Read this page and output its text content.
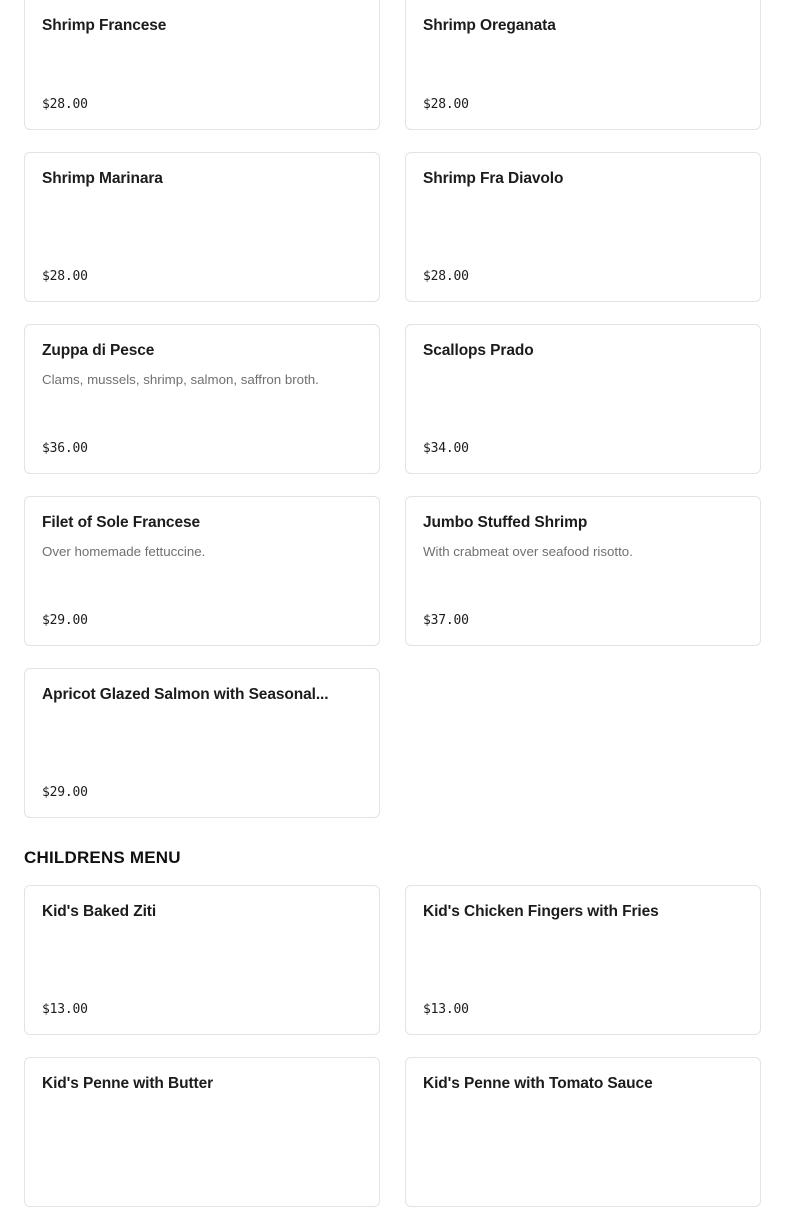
Shrimp Francese
$28.00
Shrimp Oreganata
$28.00
Shrimp Marinara
$28.00
Shrimp Fra Diavolo
$28.00
Zuppa di Pesce
Clams, mussels, shrimp, salmon, saffron broth.
$36.00
Scallops Prado
$34.00
Filet of Sole Francese
Over homemade fettuccine.
$29.00
Jumbo Stuffed Shrimp
With crabmeat over seafood risotto.
$37.00
Apricot Glazed Salmon with Seasonal...
$29.00
CHILDRENS MENU
Kid's Baked Ziti
$13.00
Kid's Chicken Fingers with Fries
$13.00
Kid's Penne with Butter	Kid's Penne with Tomato Sauce
